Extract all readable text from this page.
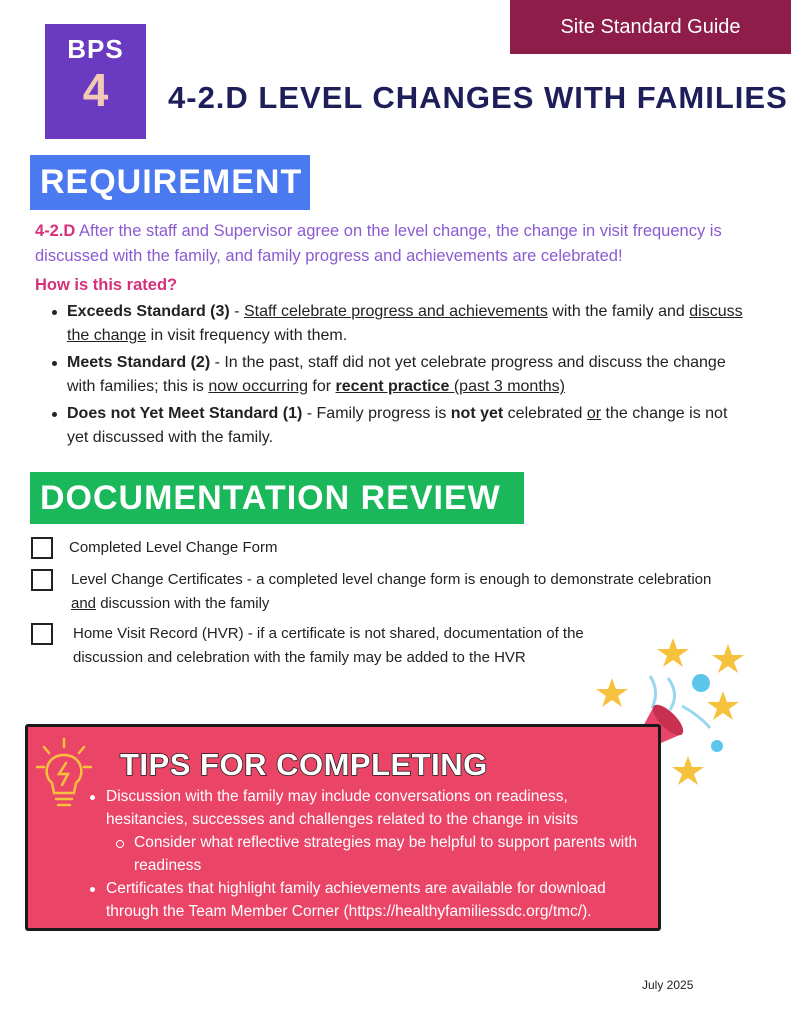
Site Standard Guide
BPS
4	4-2.D LEVEL CHANGES WITH FAMILIES
REQUIREMENT

4-2.D After the staff and Supervisor agree on the level change, the change in visit frequency is discussed with the family, and family progress and achievements are celebrated!

How is this rated?
Exceeds Standard (3) - Staff celebrate progress and achievements with the family and discuss the change in visit frequency with them.
Meets Standard (2) - In the past, staff did not yet celebrate progress and discuss the change with families; this is now occurring for recent practice (past 3 months)
Does not Yet Meet Standard (1) - Family progress is not yet celebrated or the change is not yet discussed with the family.
DOCUMENTATION REVIEW
Completed Level Change Form
Level Change Certificates - a completed level change form is enough to demonstrate celebration and discussion with the family
Home Visit Record (HVR) - if a certificate is not shared, documentation of the discussion and celebration with the family may be added to the HVR
TIPS FOR COMPLETING
Discussion with the family may include conversations on readiness, hesitancies, successes and challenges related to the change in visits
Consider what reflective strategies may be helpful to support parents with readiness
Certificates that highlight family achievements are available for download through the Team Member Corner (https://healthyfamiliessdc.org/tmc/).
July 2025
